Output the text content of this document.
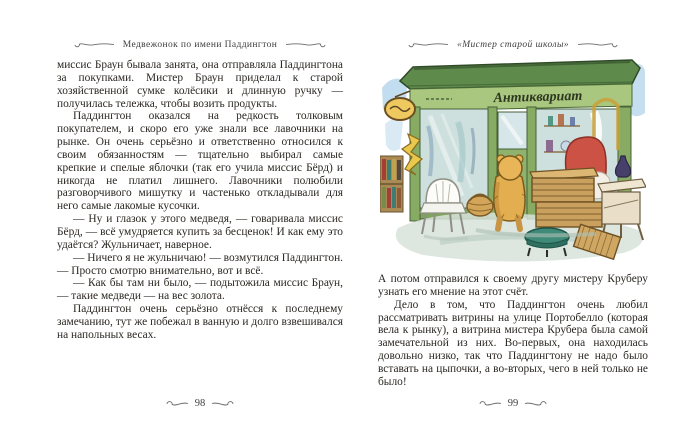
Медвежонок по имени Паддингтон	«Мистер старой школы»

миссис Браун бывала занята, она отправляла Паддингтона за покупками. Мистер Браун приделал к старой хозяйственной сумке колёсики и длинную ручку — получилась тележка, чтобы возить продукты.

Паддингтон оказался на редкость толковым покупателем, и скоро его уже знали все лавочники на рынке. Он очень серьёзно и ответственно относился к своим обязанностям — тщательно выбирал самые крепкие и спелые яблочки (так его учила миссис Бёрд) и никогда не платил лишнего. Лавочники полюбили разговорчивого мишутку и частенько откладывали для него самые лакомые кусочки.

— Ну и глазок у этого медведя, — говаривала миссис Бёрд, — всё умудряется купить за бесценок! И как ему это удаётся? Жульничает, наверное.

— Ничего я не жульничаю! — возмутился Паддингтон. — Просто смотрю внимательно, вот и всё.

— Как бы там ни было, — подытожила миссис Браун, — такие медведи — на вес золота.

Паддингтон очень серьёзно отнёсся к последнему замечанию, тут же побежал в ванную и долго взвешивался на напольных весах.

Антиквариат

А потом отправился к своему другу мистеру Круберу узнать его мнение на этот счёт.

Дело в том, что Паддингтон очень любил рассматривать витрины на улице Портобелло (которая вела к рынку), а витрина мистера Крубера была самой замечательной из них. Во-первых, она находилась довольно низко, так что Паддингтону не надо было вставать на цыпочки, а во-вторых, чего в ней только не было!

98	99
